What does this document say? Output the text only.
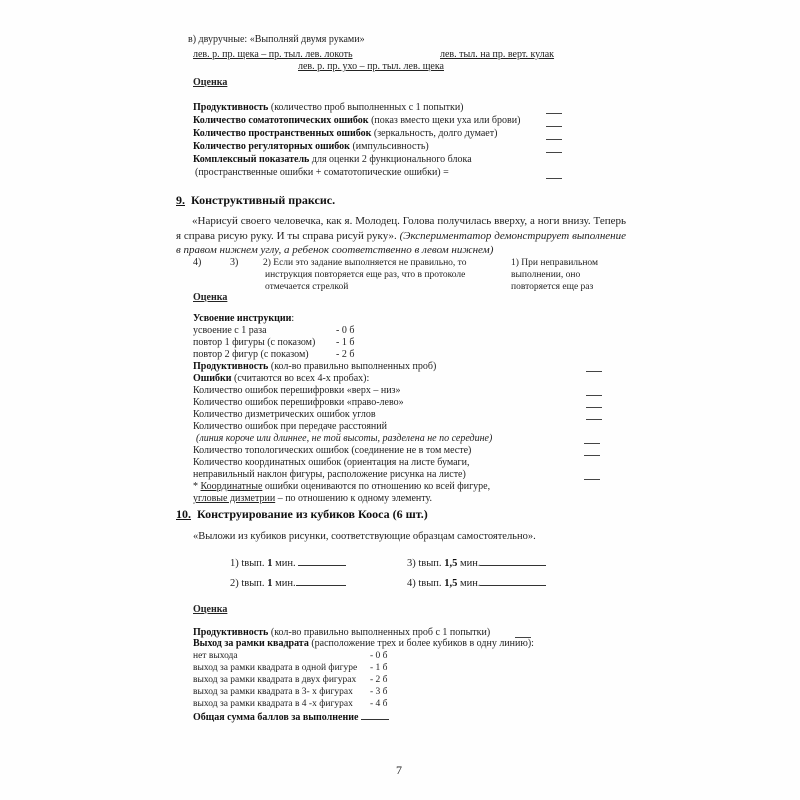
в) двуручные: «Выполняй двумя руками»
лев. р. пр. щека – пр. тыл. лев. локоть	лев. тыл. на пр. верт. кулак
лев. р. пр. ухо – пр. тыл. лев. щека
Оценка
Продуктивность (количество проб выполненных с 1 попытки)
Количество соматотопических ошибок (показ вместо щеки уха или брови)
Количество пространственных ошибок (зеркальность, долго думает)
Количество регуляторных ошибок (импульсивность)
Комплексный показатель для оценки 2 функционального блока
(пространственные ошибки + соматотопические ошибки) =
9. Конструктивный праксис.
«Нарисуй своего человечка, как я. Молодец. Голова получилась вверху, а ноги внизу. Теперь я справа рисую руку. И ты справа рисуй руку». (Экспериментатор демонстрирует выполнение в правом нижнем углу, а ребенок соответственно в левом нижнем)
4)	3)	2) Если это задание выполняется не правильно, то
инструкция повторяется еще раз, что в протоколе
отмечается стрелкой
1) При неправильном
выполнении, оно
повторяется еще раз
Оценка
Усвоение инструкции:
усвоение с 1 раза	- 0 б
повтор 1 фигуры (с показом) - 1 б
повтор 2 фигур (с показом)	- 2 б
Продуктивность (кол-во правильно выполненных проб)
Ошибки (считаются во всех 4-х пробах):
Количество ошибок перешифровки «верх – низ»
Количество ошибок перешифровки «право-лево»
Количество дизметрических ошибок углов
Количество ошибок при передаче расстояний
(линия короче или длиннее, не той высоты, разделена не по середине)
Количество топологических ошибок (соединение не в том месте)
Количество координатных ошибок (ориентация на листе бумаги,
неправильный наклон фигуры, расположение рисунка на листе)
* Координатные ошибки оцениваются по отношению ко всей фигуре,
угловые дизметрии – по отношению к одному элементу.
10. Конструирование из кубиков Кооса (6 шт.)
«Выложи из кубиков рисунки, соответствующие образцам самостоятельно».
1) tвып. 1 мин.
2) tвып. 1 мин.
3) tвып. 1,5 мин.
4) tвып. 1,5 мин.
Оценка
Продуктивность (кол-во правильно выполненных проб с 1 попытки)
Выход за рамки квадрата (расположение трех и более кубиков в одну линию):
нет выхода	- 0 б
выход за рамки квадрата в одной фигуре - 1 б
выход за рамки квадрата в двух фигурах - 2 б
выход за рамки квадрата в 3- х фигурах - 3 б
выход за рамки квадрата в 4 -х фигурах - 4 б
Общая сумма баллов за выполнение
7
